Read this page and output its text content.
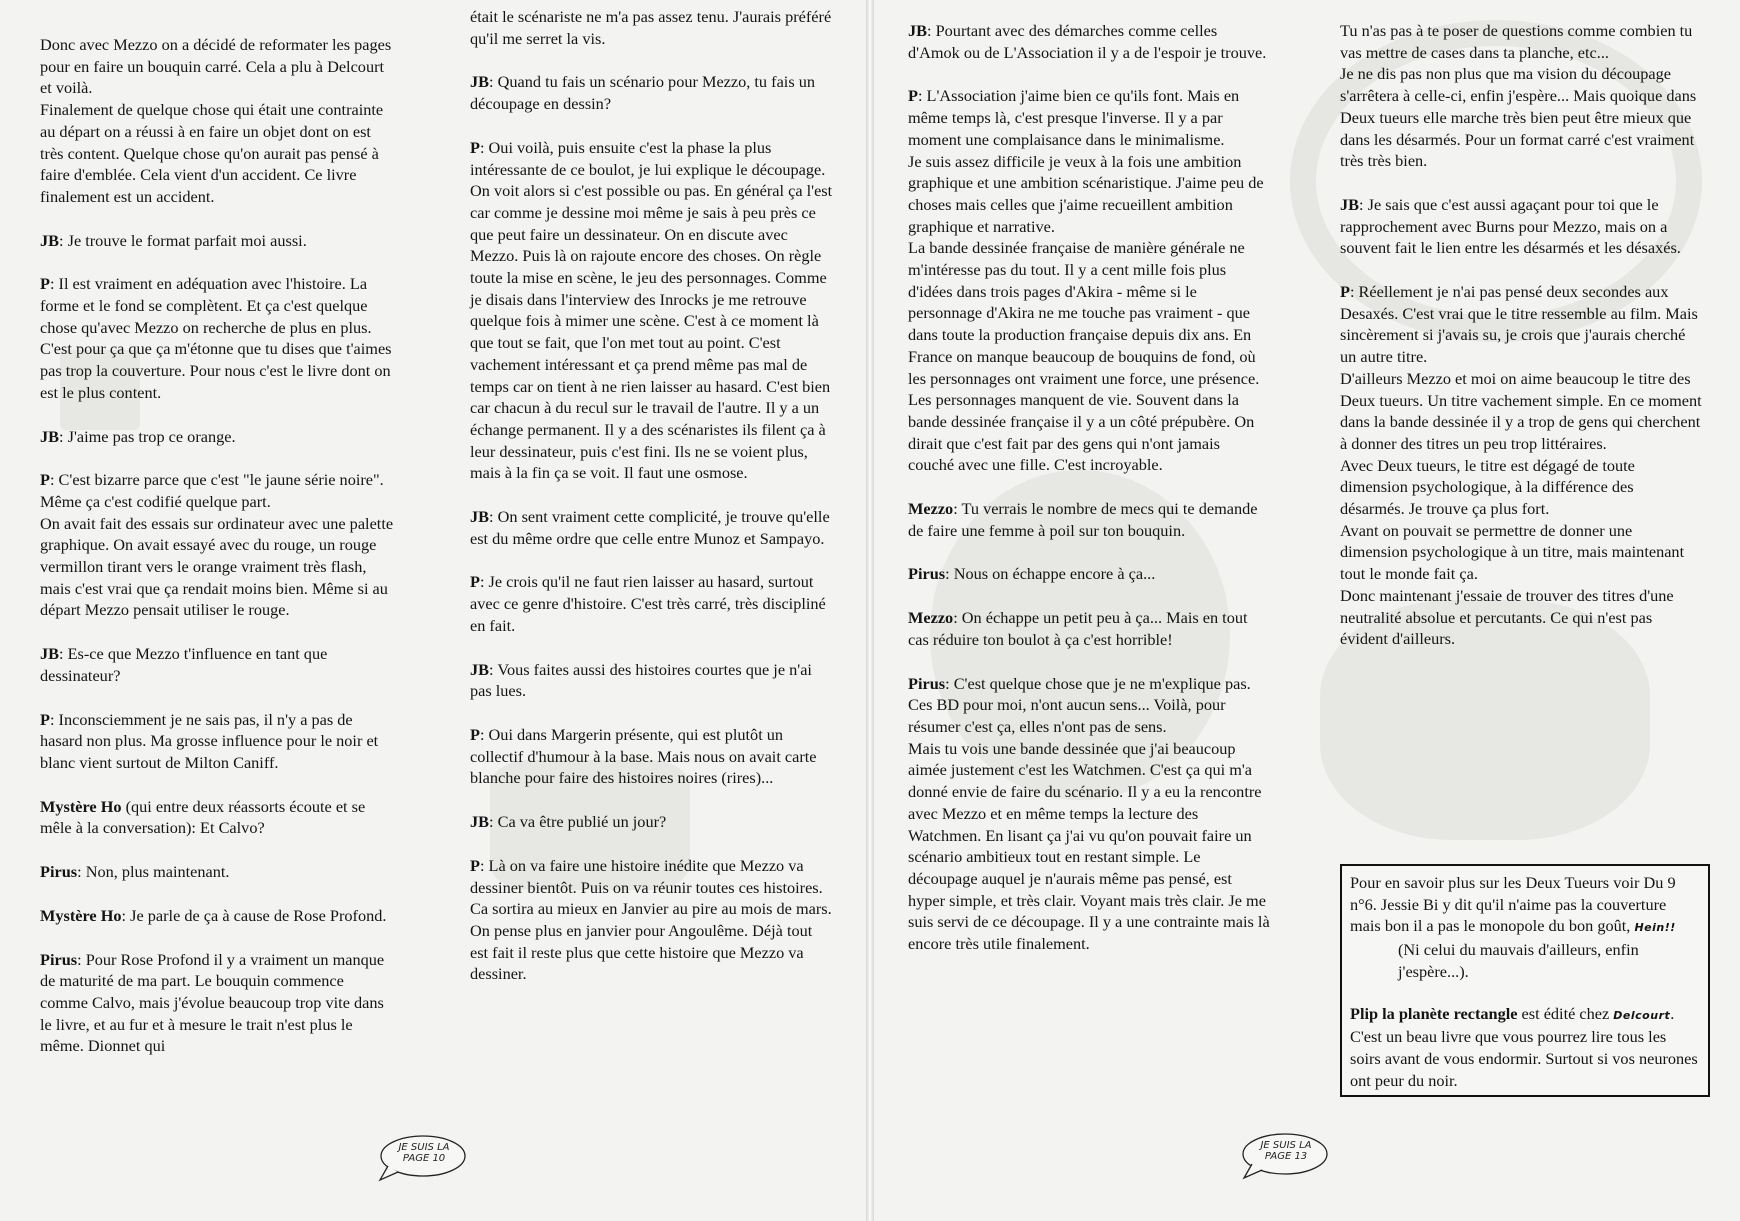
Donc avec Mezzo on a décidé de reformater les pages pour en faire un bouquin carré. Cela a plu à Delcourt et voilà.
Finalement de quelque chose qui était une contrainte au départ on a réussi à en faire un objet dont on est très content. Quelque chose qu'on aurait pas pensé à faire d'emblée. Cela vient d'un accident. Ce livre finalement est un accident.

JB: Je trouve le format parfait moi aussi.

P: Il est vraiment en adéquation avec l'histoire. La forme et le fond se complètent. Et ça c'est quelque chose qu'avec Mezzo on recherche de plus en plus. C'est pour ça que ça m'étonne que tu dises que t'aimes pas trop la couverture. Pour nous c'est le livre dont on est le plus content.

JB: J'aime pas trop ce orange.

P: C'est bizarre parce que c'est "le jaune série noire". Même ça c'est codifié quelque part.
On avait fait des essais sur ordinateur avec une palette graphique. On avait essayé avec du rouge, un rouge vermillon tirant vers le orange vraiment très flash, mais c'est vrai que ça rendait moins bien. Même si au départ Mezzo pensait utiliser le rouge.

JB: Es-ce que Mezzo t'influence en tant que dessinateur?

P: Inconsciemment je ne sais pas, il n'y a pas de hasard non plus. Ma grosse influence pour le noir et blanc vient surtout de Milton Caniff.

Mystère Ho (qui entre deux réassorts écoute et se mêle à la conversation): Et Calvo?

Pirus: Non, plus maintenant.

Mystère Ho: Je parle de ça à cause de Rose Profond.

Pirus: Pour Rose Profond il y a vraiment un manque de maturité de ma part. Le bouquin commence comme Calvo, mais j'évolue beaucoup trop vite dans le livre, et au fur et à mesure le trait n'est plus le même. Dionnet qui

était le scénariste ne m'a pas assez tenu. J'aurais préféré qu'il me serret la vis.

JB: Quand tu fais un scénario pour Mezzo, tu fais un découpage en dessin?

P: Oui voilà, puis ensuite c'est la phase la plus intéressante de ce boulot, je lui explique le découpage. On voit alors si c'est possible ou pas. En général ça l'est car comme je dessine moi même je sais à peu près ce que peut faire un dessinateur. On en discute avec Mezzo. Puis là on rajoute encore des choses. On règle toute la mise en scène, le jeu des personnages. Comme je disais dans l'interview des Inrocks je me retrouve quelque fois à mimer une scène. C'est à ce moment là que tout se fait, que l'on met tout au point. C'est vachement intéressant et ça prend même pas mal de temps car on tient à ne rien laisser au hasard. C'est bien car chacun à du recul sur le travail de l'autre. Il y a un échange permanent. Il y a des scénaristes ils filent ça à leur dessinateur, puis c'est fini. Ils ne se voient plus, mais à la fin ça se voit. Il faut une osmose.

JB: On sent vraiment cette complicité, je trouve qu'elle est du même ordre que celle entre Munoz et Sampayo.

P: Je crois qu'il ne faut rien laisser au hasard, surtout avec ce genre d'histoire. C'est très carré, très discipliné en fait.

JB: Vous faites aussi des histoires courtes que je n'ai pas lues.

P: Oui dans Margerin présente, qui est plutôt un collectif d'humour à la base. Mais nous on avait carte blanche pour faire des histoires noires (rires)...

JB: Ca va être publié un jour?

P: Là on va faire une histoire inédite que Mezzo va dessiner bientôt. Puis on va réunir toutes ces histoires. Ca sortira au mieux en Janvier au pire au mois de mars. On pense plus en janvier pour Angoulême. Déjà tout est fait il reste plus que cette histoire que Mezzo va dessiner.

JB: Pourtant avec des démarches comme celles d'Amok ou de L'Association il y a de l'espoir je trouve.

P: L'Association j'aime bien ce qu'ils font. Mais en même temps là, c'est presque l'inverse. Il y a par moment une complaisance dans le minimalisme.
Je suis assez difficile je veux à la fois une ambition graphique et une ambition scénaristique. J'aime peu de choses mais celles que j'aime recueillent ambition graphique et narrative.
La bande dessinée française de manière générale ne m'intéresse pas du tout. Il y a cent mille fois plus d'idées dans trois pages d'Akira - même si le personnage d'Akira ne me touche pas vraiment - que dans toute la production française depuis dix ans. En France on manque beaucoup de bouquins de fond, où les personnages ont vraiment une force, une présence. Les personnages manquent de vie. Souvent dans la bande dessinée française il y a un côté prépubère. On dirait que c'est fait par des gens qui n'ont jamais couché avec une fille. C'est incroyable.

Mezzo: Tu verrais le nombre de mecs qui te demande de faire une femme à poil sur ton bouquin.

Pirus: Nous on échappe encore à ça...

Mezzo: On échappe un petit peu à ça... Mais en tout cas réduire ton boulot à ça c'est horrible!

Pirus: C'est quelque chose que je ne m'explique pas. Ces BD pour moi, n'ont aucun sens... Voilà, pour résumer c'est ça, elles n'ont pas de sens.
Mais tu vois une bande dessinée que j'ai beaucoup aimée justement c'est les Watchmen. C'est ça qui m'a donné envie de faire du scénario. Il y a eu la rencontre avec Mezzo et en même temps la lecture des Watchmen. En lisant ça j'ai vu qu'on pouvait faire un scénario ambitieux tout en restant simple. Le découpage auquel je n'aurais même pas pensé, est hyper simple, et très clair. Voyant mais très clair. Je me suis servi de ce découpage. Il y a une contrainte mais là encore très utile finalement.

Tu n'as pas à te poser de questions comme combien tu vas mettre de cases dans ta planche, etc...
Je ne dis pas non plus que ma vision du découpage s'arrêtera à celle-ci, enfin j'espère... Mais quoique dans Deux tueurs elle marche très bien peut être mieux que dans les désarmés. Pour un format carré c'est vraiment très très bien.

JB: Je sais que c'est aussi agaçant pour toi que le rapprochement avec Burns pour Mezzo, mais on a souvent fait le lien entre les désarmés et les désaxés.

P: Réellement je n'ai pas pensé deux secondes aux Desaxés. C'est vrai que le titre ressemble au film. Mais sincèrement si j'avais su, je crois que j'aurais cherché un autre titre.
D'ailleurs Mezzo et moi on aime beaucoup le titre des Deux tueurs. Un titre vachement simple. En ce moment dans la bande dessinée il y a trop de gens qui cherchent à donner des titres un peu trop littéraires.
Avec Deux tueurs, le titre est dégagé de toute dimension psychologique, à la différence des désarmés. Je trouve ça plus fort.
Avant on pouvait se permettre de donner une dimension psychologique à un titre, mais maintenant tout le monde fait ça.
Donc maintenant j'essaie de trouver des titres d'une neutralité absolue et percutants. Ce qui n'est pas évident d'ailleurs.

Pour en savoir plus sur les Deux Tueurs voir Du 9 n°6. Jessie Bi y dit qu'il n'aime pas la couverture mais bon il a pas le monopole du bon goût, Hein!!
(Ni celui du mauvais d'ailleurs, enfin j'espère...).

Plip la planète rectangle est édité chez Delcourt. C'est un beau livre que vous pourrez lire tous les soirs avant de vous endormir. Surtout si vos neurones ont peur du noir.

JE SUIS LA PAGE 10
JE SUIS LA PAGE 13
